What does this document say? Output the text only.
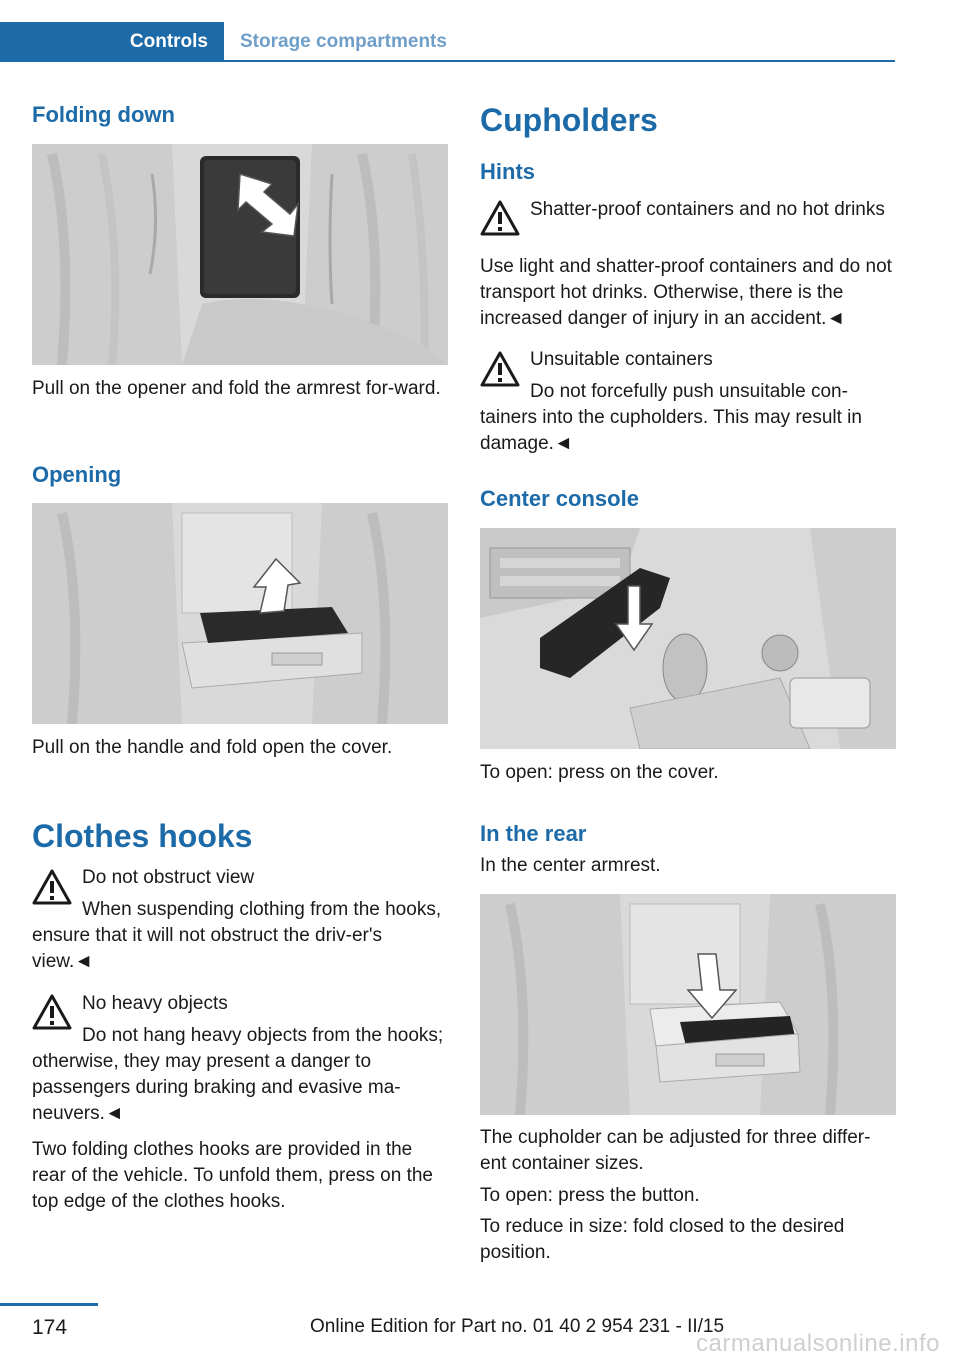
Controls	Storage compartments
Folding down
Pull on the opener and fold the armrest for-ward.
Opening
Pull on the handle and fold open the cover.
Clothes hooks
Do not obstruct view
When suspending clothing from the hooks, ensure that it will not obstruct the driv-er's view.◄
No heavy objects
Do not hang heavy objects from the hooks; otherwise, they may present a danger to passengers during braking and evasive ma-neuvers.◄
Two folding clothes hooks are provided in the rear of the vehicle. To unfold them, press on the top edge of the clothes hooks.
Cupholders
Hints
Shatter-proof containers and no hot drinks
Use light and shatter-proof containers and do not transport hot drinks. Otherwise, there is the increased danger of injury in an accident.◄
Unsuitable containers
Do not forcefully push unsuitable con-tainers into the cupholders. This may result in damage.◄
Center console
To open: press on the cover.
In the rear
In the center armrest.
The cupholder can be adjusted for three differ-ent container sizes.
To open: press the button.
To reduce in size: fold closed to the desired position.
174	Online Edition for Part no. 01 40 2 954 231 - II/15
carmanualsonline.info
